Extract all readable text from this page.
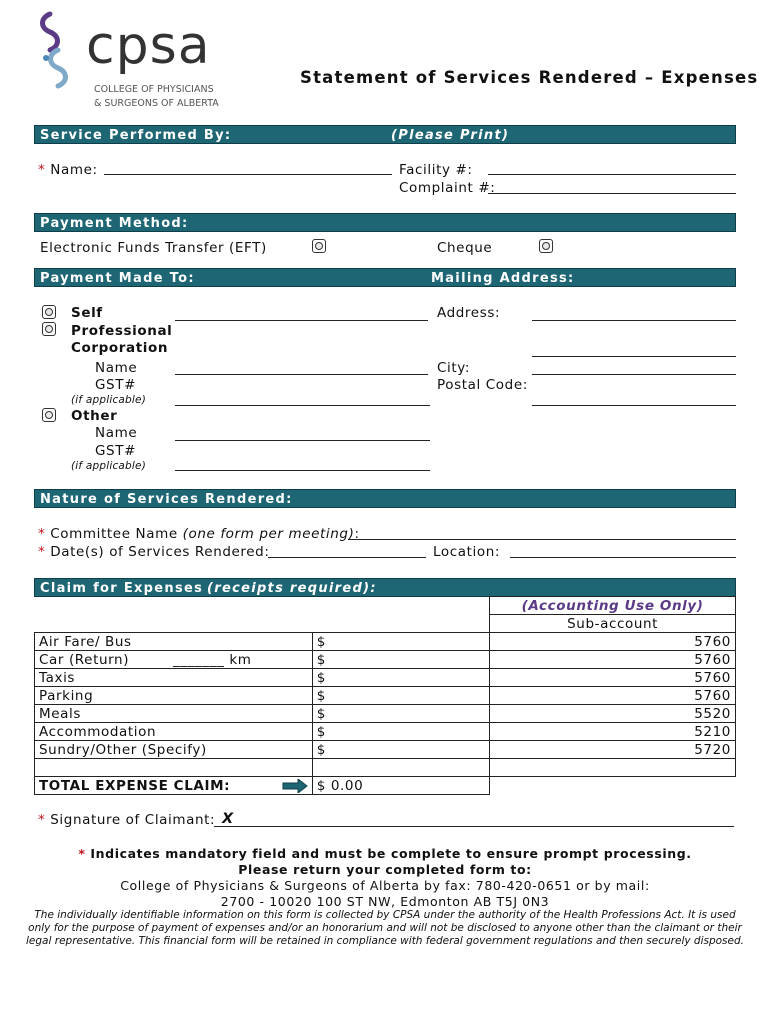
cpsa
COLLEGE OF PHYSICIANS
& SURGEONS OF ALBERTA
Statement of Services Rendered – Expenses
Service Performed By:	(Please Print)
* Name:	Facility #:
Complaint #:
Payment Method:
Electronic Funds Transfer (EFT)	Cheque
Payment Made To:	Mailing Address:
Self
Professional
Corporation
Name
GST#
(if applicable)
Other
Name
GST#
(if applicable)
Address:
City:
Postal Code:
Nature of Services Rendered:
* Committee Name (one form per meeting):
* Date(s) of Services Rendered:	Location:
Claim for Expenses (receipts required):
		(Accounting Use Only)
		Sub-account
Air Fare/ Bus	$	5760
Car (Return) _______ km	$	5760
Taxis	$	5760
Parking	$	5760
Meals	$	5520
Accommodation	$	5210
Sundry/Other (Specify)	$	5720

TOTAL EXPENSE CLAIM:	$ 0.00	
* Signature of Claimant: X
* Indicates mandatory field and must be complete to ensure prompt processing.
Please return your completed form to:
College of Physicians & Surgeons of Alberta by fax: 780-420-0651 or by mail:
2700 - 10020 100 ST NW, Edmonton AB T5J 0N3
The individually identifiable information on this form is collected by CPSA under the authority of the Health Professions Act. It is used
only for the purpose of payment of expenses and/or an honorarium and will not be disclosed to anyone other than the claimant or their
legal representative. This financial form will be retained in compliance with federal government regulations and then securely disposed.
